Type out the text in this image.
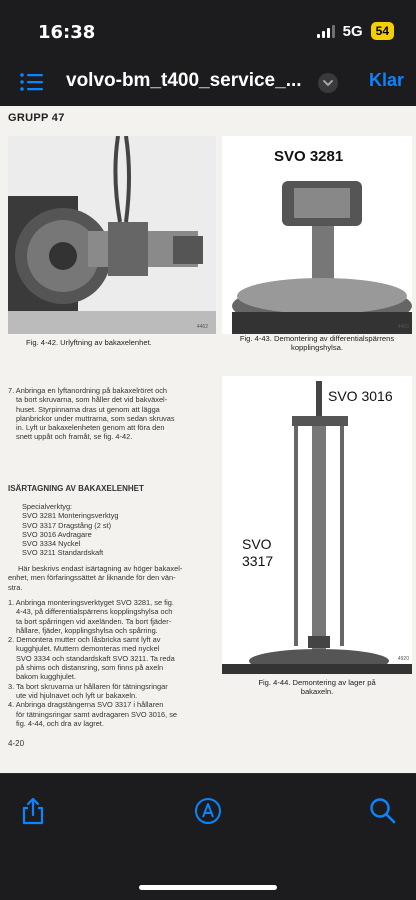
16:38	5G	54
volvo-bm_t400_service_...	Klar
GRUPP 47
4462
Fig. 4-42. Urlyftning av bakaxelenhet.
SVO 3281
4463
Fig. 4-43. Demontering av differentialspärrens
kopplingshylsa.
7. Anbringa en lyftanordning på bakaxelröret och
ta bort skruvarna, som håller det vid bakväxel-
huset. Styrpinnarna dras ut genom att lägga
planbrickor under muttrarna, som sedan skruvas
in. Lyft ur bakaxelenheten genom att föra den
snett uppåt och framåt, se fig. 4-42.
ISÄRTAGNING AV BAKAXELENHET
Specialverktyg:
SVO 3281 Monteringsverktyg
SVO 3317 Dragstång (2 st)
SVO 3016 Avdragare
SVO 3334 Nyckel
SVO 3211 Standardskaft
Här beskrivs endast isärtagning av höger bakaxel-
enhet, men förfaringssättet är liknande för den vän-
stra.
1. Anbringa monteringsverktyget SVO 3281, se fig.
4-43, på differentialspärrens kopplingshylsa och
ta bort spårringen vid axeländen. Ta bort fjäder-
hållare, fjäder, kopplingshylsa och spårring.
2. Demontera mutter och låsbricka samt lyft av
kugghjulet. Muttern demonteras med nyckel
SVO 3334 och standardskaft SVO 3211. Ta reda
på shims och distansring, som finns på axeln
bakom kugghjulet.
3. Ta bort skruvarna ur hållaren för tätningsringar
ute vid hjulnavet och lyft ur bakaxeln.
4. Anbringa dragstängerna SVO 3317 i hållaren
för tätningsringar samt avdragaren SVO 3016, se
fig. 4-44, och dra av lagret.
SVO 3016
SVO
3317
4920
Fig. 4-44. Demontering av lager på
bakaxeln.
4-20
